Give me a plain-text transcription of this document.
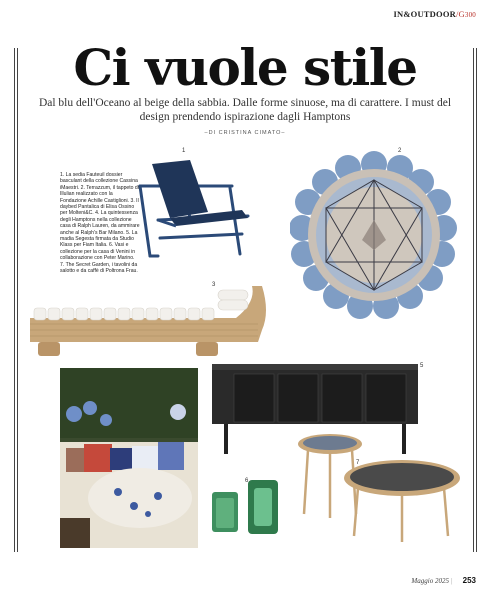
IN&OUTDOOR/G300
Ci vuole stile
Dal blu dell'Oceano al beige della sabbia. Dalle forme sinuose, ma di carattere. I must del design prendendo ispirazione dagli Hamptons
–DI CRISTINA CIMATO–
1. La sedia Fauteuil dossier basculant della collezione Cassina iMaestri. 2. Terrazzum, il tappeto di Illulian realizzato con la Fondazione Achille Castiglioni. 3. Il daybed Pantalica di Elisa Ossino per Molteni&C. 4. La quintessenza degli Hamptons nella collezione casa di Ralph Lauren, da ammirare anche al Ralph's Bar Milano. 5. La madia Segesta firmata da Studio Klass per Fiam Italia. 6. Vasi e collezione per la casa di Venini in collaborazione con Peter Marino. 7. The Secret Garden, i tavolini da salotto e da caffè di Poltrona Frau.
1	2
3
5
6
7
Maggio 2025 | 253
